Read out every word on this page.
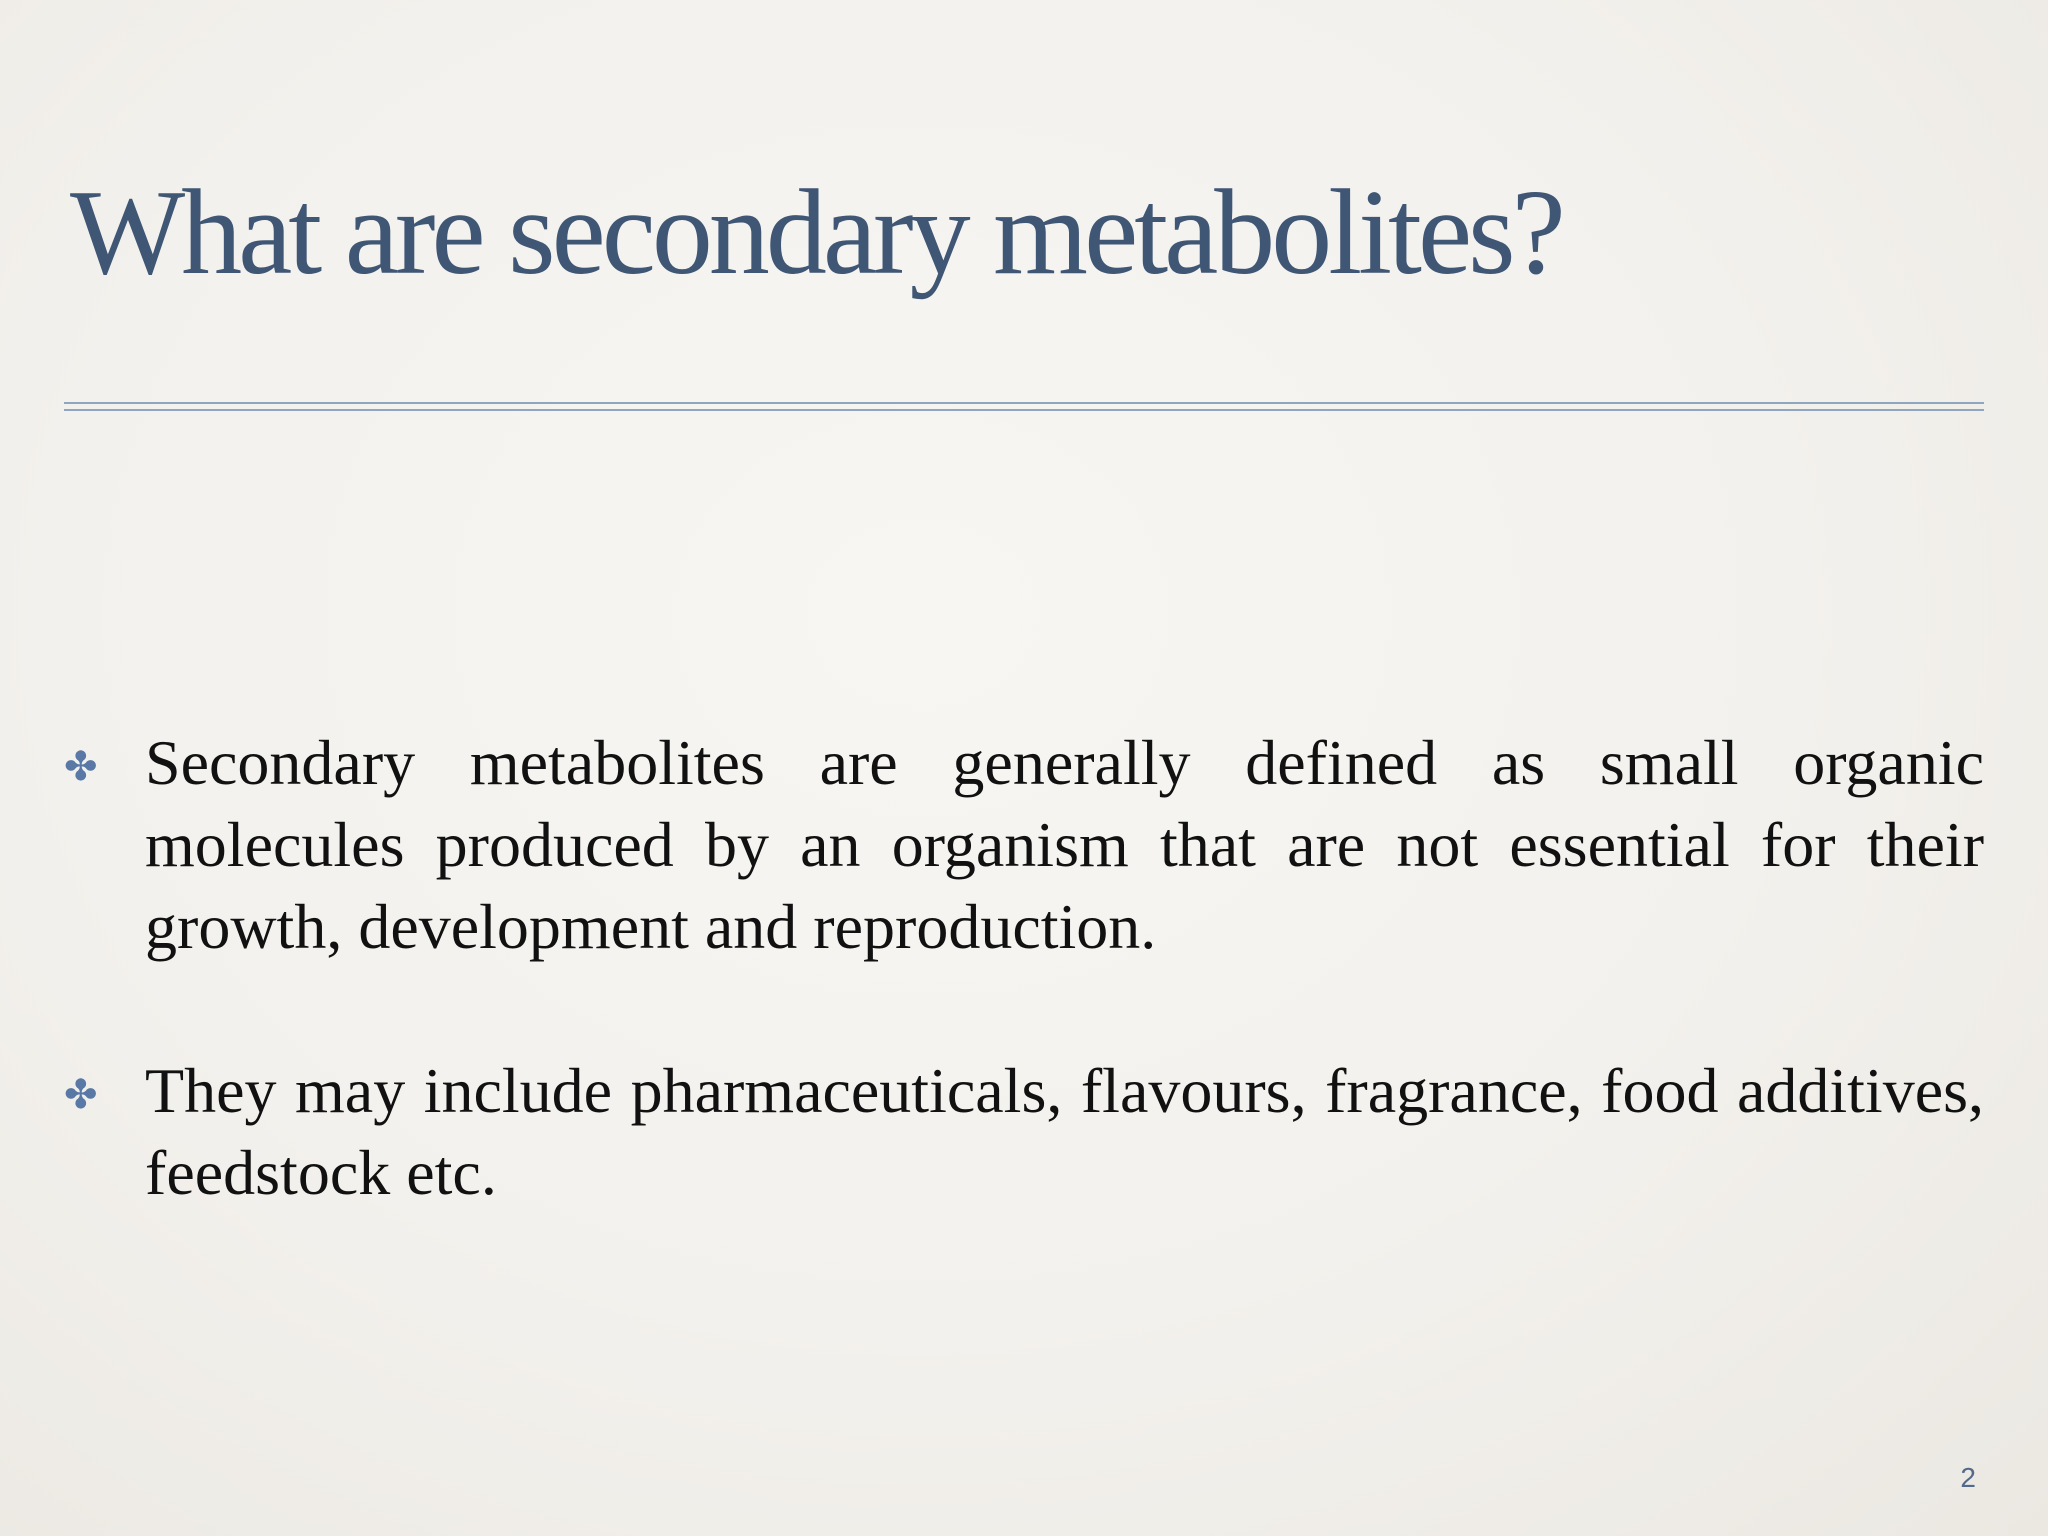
What are secondary metabolites?
✤ Secondary metabolites are generally defined as small organic molecules produced by an organism that are not essential for their growth, development and reproduction.
✤ They may include pharmaceuticals, flavours, fragrance, food additives, feedstock etc.
2
